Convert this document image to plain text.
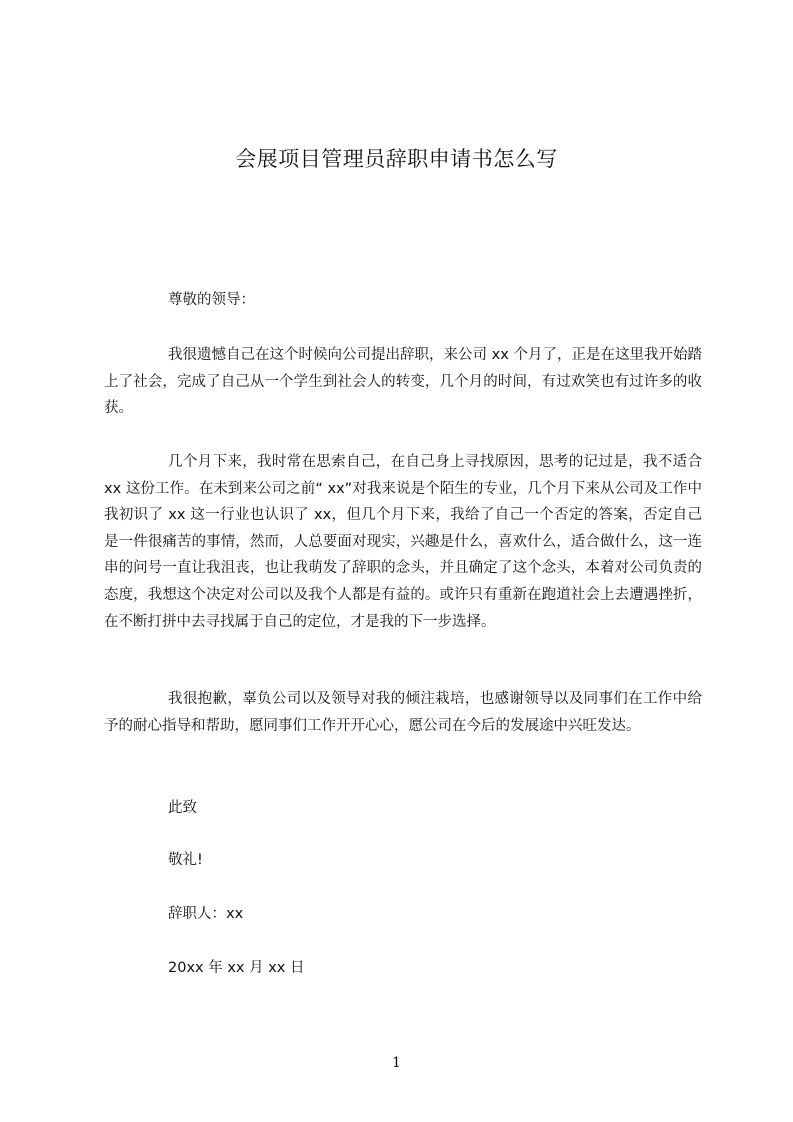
会展项目管理员辞职申请书怎么写
尊敬的领导：
我很遗憾自己在这个时候向公司提出辞职，来公司 xx 个月了，正是在这里我开始踏上了社会，完成了自己从一个学生到社会人的转变，几个月的时间，有过欢笑也有过许多的收获。
几个月下来，我时常在思索自己，在自己身上寻找原因，思考的记过是，我不适合 xx 这份工作。在未到来公司之前“ xx”对我来说是个陌生的专业，几个月下来从公司及工作中我初识了 xx 这一行业也认识了 xx，但几个月下来，我给了自己一个否定的答案，否定自己是一件很痛苦的事情，然而，人总要面对现实，兴趣是什么，喜欢什么，适合做什么，这一连串的问号一直让我沮丧，也让我萌发了辞职的念头，并且确定了这个念头，本着对公司负责的态度，我想这个决定对公司以及我个人都是有益的。或许只有重新在跑道社会上去遭遇挫折，在不断打拼中去寻找属于自己的定位，才是我的下一步选择。
我很抱歉，辜负公司以及领导对我的倾注栽培，也感谢领导以及同事们在工作中给予的耐心指导和帮助，愿同事们工作开开心心，愿公司在今后的发展途中兴旺发达。
此致
敬礼!
辞职人：xx
20xx 年 xx 月 xx 日
1
